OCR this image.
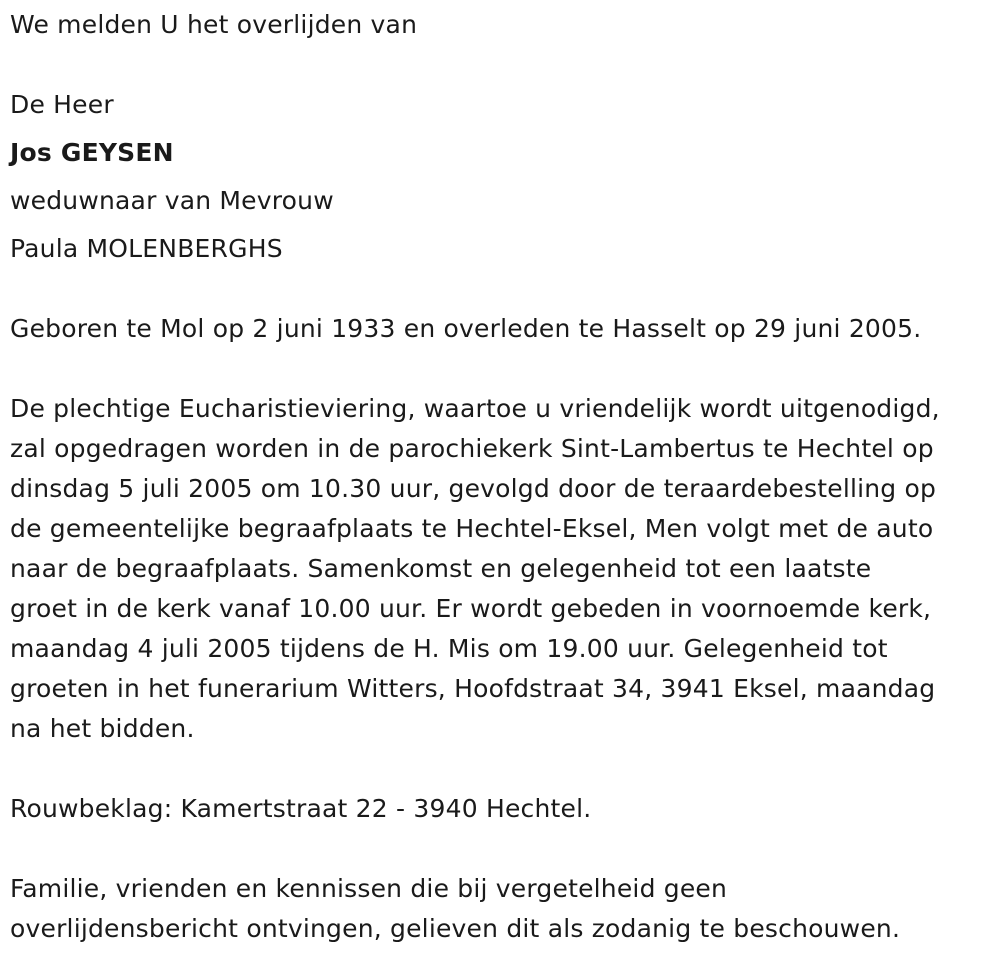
We melden U het overlijden van
De Heer
Jos GEYSEN
weduwnaar van Mevrouw
Paula MOLENBERGHS
Geboren te Mol op 2 juni 1933 en overleden te Hasselt op 29 juni 2005.
De plechtige Eucharistieviering, waartoe u vriendelijk wordt uitgenodigd,
zal opgedragen worden in de parochiekerk Sint-Lambertus te Hechtel op
dinsdag 5 juli 2005 om 10.30 uur, gevolgd door de teraardebestelling op
de gemeentelijke begraafplaats te Hechtel-Eksel, Men volgt met de auto
naar de begraafplaats. Samenkomst en gelegenheid tot een laatste
groet in de kerk vanaf 10.00 uur. Er wordt gebeden in voornoemde kerk,
maandag 4 juli 2005 tijdens de H. Mis om 19.00 uur. Gelegenheid tot
groeten in het funerarium Witters, Hoofdstraat 34, 3941 Eksel, maandag
na het bidden.
Rouwbeklag: Kamertstraat 22 - 3940 Hechtel.
Familie, vrienden en kennissen die bij vergetelheid geen
overlijdensbericht ontvingen, gelieven dit als zodanig te beschouwen.
